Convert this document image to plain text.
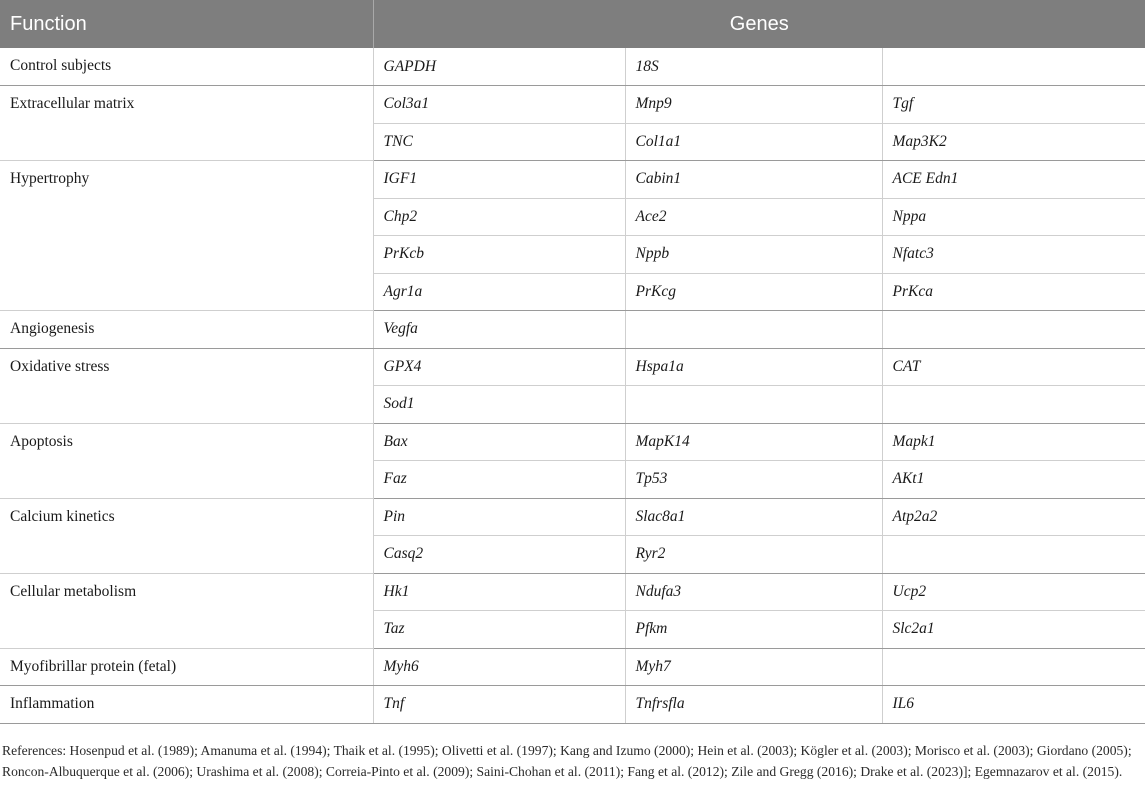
Function	Genes		
Control subjects	GAPDH	18S	
Extracellular matrix	Col3a1	Mnp9	Tgf
	TNC	Col1a1	Map3K2
Hypertrophy	IGF1	Cabin1	ACE Edn1
	Chp2	Ace2	Nppa
	PrKcb	Nppb	Nfatc3
	Agr1a	PrKcg	PrKca
Angiogenesis	Vegfa		
Oxidative stress	GPX4	Hspa1a	CAT
	Sod1		
Apoptosis	Bax	MapK14	Mapk1
	Faz	Tp53	AKt1
Calcium kinetics	Pin	Slac8a1	Atp2a2
	Casq2	Ryr2	
Cellular metabolism	Hk1	Ndufa3	Ucp2
	Taz	Pfkm	Slc2a1
Myofibrillar protein (fetal)	Myh6	Myh7	
Inflammation	Tnf	Tnfrsfla	IL6
References: Hosenpud et al. (1989); Amanuma et al. (1994); Thaik et al. (1995); Olivetti et al. (1997); Kang and Izumo (2000); Hein et al. (2003); Kögler et al. (2003); Morisco et al. (2003); Giordano (2005); Roncon-Albuquerque et al. (2006); Urashima et al. (2008); Correia-Pinto et al. (2009); Saini-Chohan et al. (2011); Fang et al. (2012); Zile and Gregg (2016); Drake et al. (2023)]; Egemnazarov et al. (2015).
